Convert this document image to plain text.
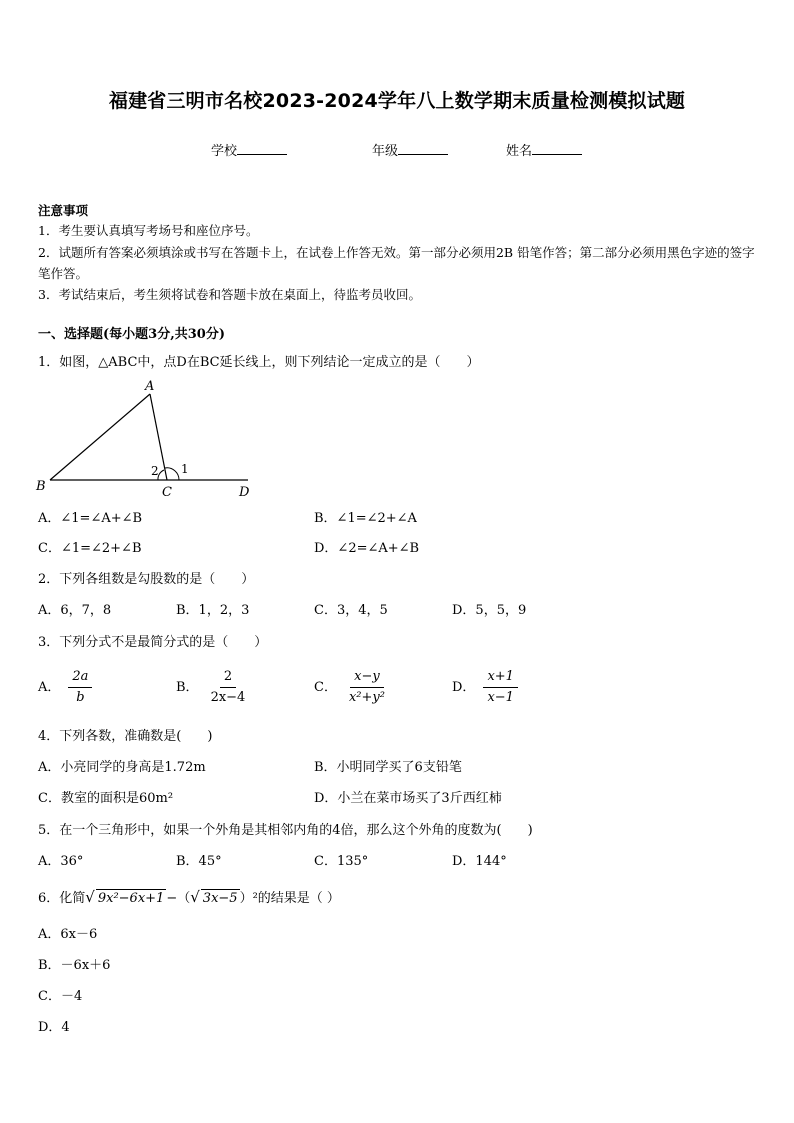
福建省三明市名校2023-2024学年八上数学期末质量检测模拟试题
学校	年级	姓名
注意事项
1．考生要认真填写考场号和座位序号。
2．试题所有答案必须填涂或书写在答题卡上，在试卷上作答无效。第一部分必须用2B 铅笔作答；第二部分必须用黑色字迹的签字笔作答。
3．考试结束后，考生须将试卷和答题卡放在桌面上，待监考员收回。
一、选择题(每小题3分,共30分)
1．如图，△ABC中，点D在BC延长线上，则下列结论一定成立的是（　　）
A
B	C	D
2 1
A．∠1=∠A+∠B	B．∠1=∠2+∠A
C．∠1=∠2+∠B	D．∠2=∠A+∠B
2．下列各组数是勾股数的是（　　）
A．6，7，8	B．1，2，3	C．3，4，5	D．5，5，9
3．下列分式不是最简分式的是（　　）
A． $\frac{2a}{b}$	B． $\frac{2}{2x-4}$	C． $\frac{x-y}{\text{x²+y²}}$	D． $\frac{x+1}{x-1}$
4．下列各数，准确数是(　　)
A．小亮同学的身高是1.72m	B．小明同学买了6支铅笔
C．教室的面积是60m²	D．小兰在菜市场买了3斤西红柿
5．在一个三角形中，如果一个外角是其相邻内角的4倍，那么这个外角的度数为(　　)
A．36°	B．45°	C．135°	D．144°
6．化简√ 9x²−6x+1 −（√ 3x−5 ）²的结果是（ ）
A．6x－6
B．－6x＋6
C．－4
D．4
